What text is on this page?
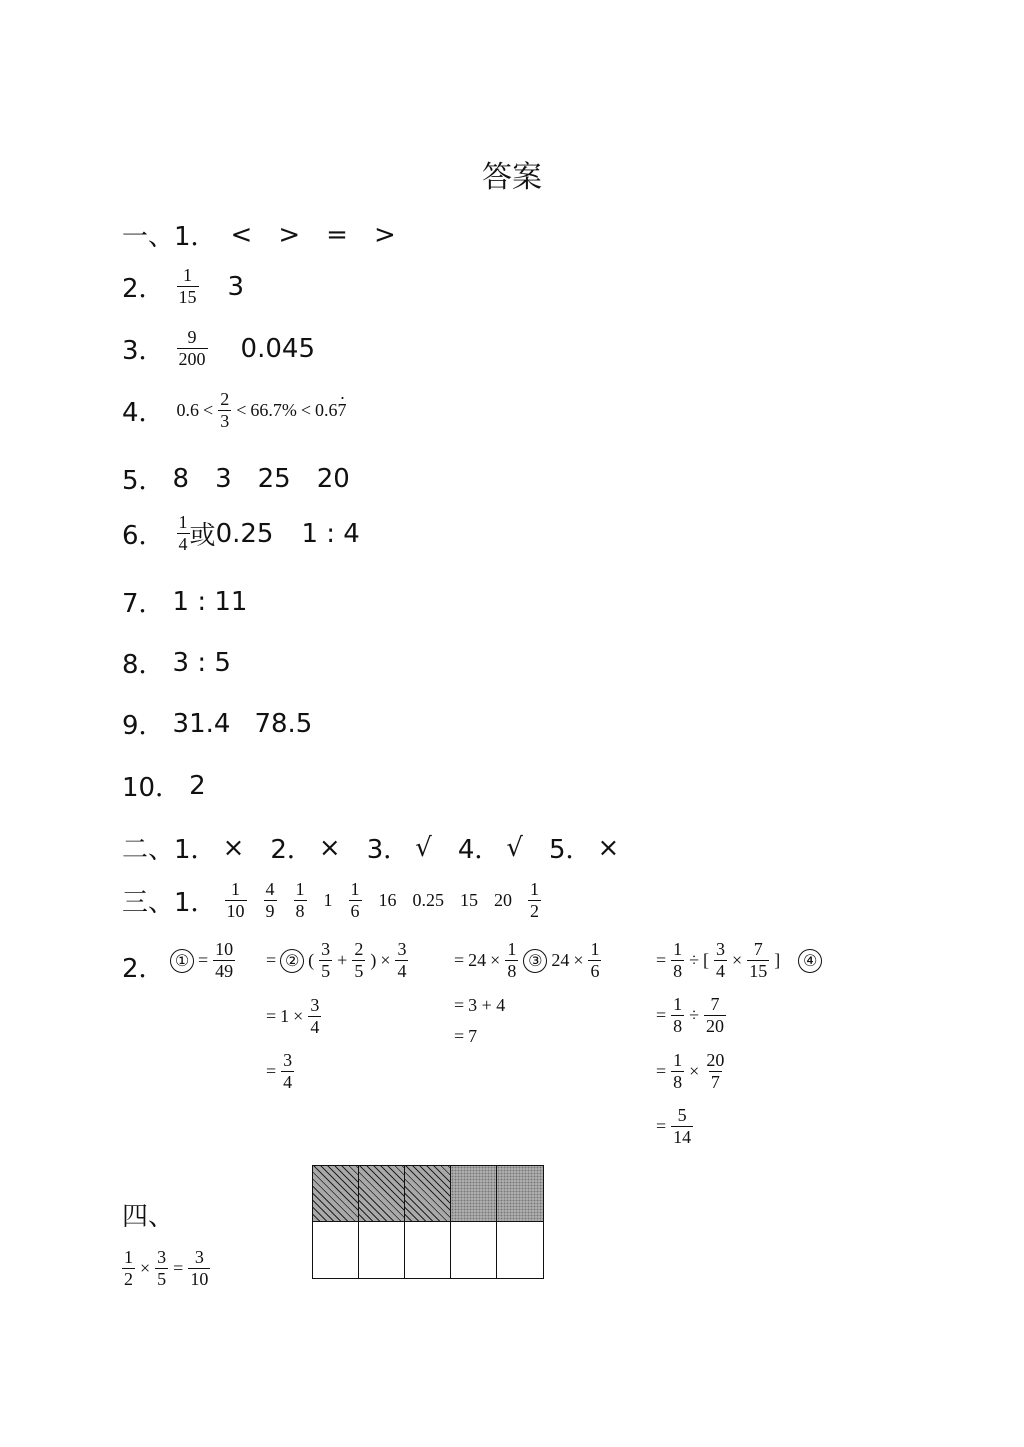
答案
一、1． < > = >
2． $\frac{1}{15} 3$
3． $\frac{9}{200} 0.045$
4． $0.6 < \frac{2}{3} < 66.7\% < 0.6$ 7 ·
5． 8 3 25 20
6． $\frac{1}{4}$ 或 0.25 1 : 4
7． 1 : 11
8． 3 : 5
9． 31.4 78.5
10． 2
二、 1． × 2． × 3． √ 4． √ 5． ×
三、1． $\frac{1}{10} \frac{4}{9} \frac{1}{8} 1 \frac{1}{6} 16$ 0.25 15 $20 \frac{1}{2}$
2． ① = $\frac{10}{49}$ = ② ( $\frac{3}{5} + \frac{2}{5}$ ) × $\frac{3}{4}$
= $1 \times \frac{3}{4}$
= $\frac{3}{4}$
= $24 \times \frac{1}{8}$ ③ $24 \times \frac{1}{6}$
= 3 + 4
= 7
= $\frac{1}{8}$ ÷ [ $\frac{3}{4} \times \frac{7}{15}$ ]	④
= $\frac{1}{8} \div \frac{7}{20}$
= $\frac{1}{8} \times \frac{20}{7}$
= $\frac{5}{14}$
四、
$\frac{1}{2} \times \frac{3}{5} = \frac{3}{10}$
